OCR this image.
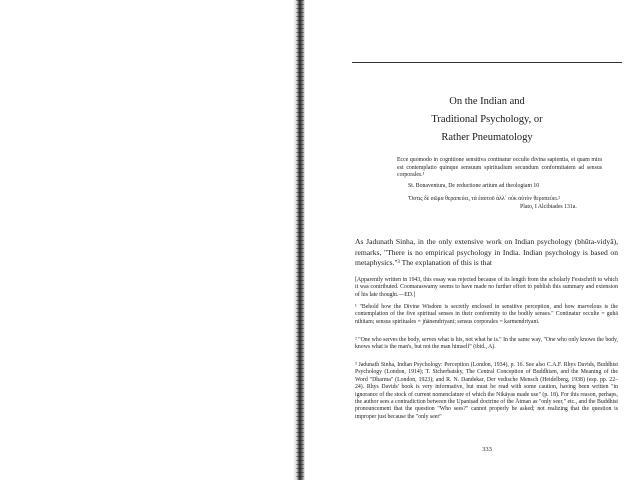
On the Indian and
Traditional Psychology, or
Rather Pneumatology
Ecce quomodo in cognitione sensitiva continatur occulte divina sapientia, et quam mira est contemplatio quinque sensuum spiritualium secundum conformitatem ad sensus corporales.¹
St. Bonaventura, De reductione artium ad theologiam 10
Ὅστις δὲ σῶμα θεραπεύει, τὰ ἑαυτοῦ ἀλλ᾽ οὐκ αὐτὸν θεραπεύει.²
Plato, I Alcibiades 131a.
As Jadunath Sinha, in the only extensive work on Indian psychology (bhūta-vidyā), remarks, "There is no empirical psychology in India. Indian psychology is based on metaphysics."³ The explanation of this is that
[Apparently written in 1943, this essay was rejected because of its length from the scholarly Festschrift to which it was contributed. Coomaraswamy seems to have made no further effort to publish this summary and extension of his late thought.—ED.]
¹ "Behold how the Divine Wisdom is secretly enclosed in sensitive perception, and how marvelous is the contemplation of the five spiritual senses in their conformity to the bodily senses." Continatur occulte = guhā nihitam; sensus spirituales = jñānendriyani; sensus corporales = karmendriyani.
² "One who serves the body, serves what is his, not what he is." In the same way, "One who only knows the body, knows what is the man's, but not the man himself" (ibid., A).
³ Jadunath Sinha, Indian Psychology: Perception (London, 1934), p. 16. See also C.A.F. Rhys Davids, Buddhist Psychology (London, 1914); T. Stcherbatsky, The Central Conception of Buddhism, and the Meaning of the Word "Dharma" (London, 1923); and R. N. Dandekar, Der vedische Mensch (Heidelberg, 1938) (esp. pp. 22–24). Rhys Davids' book is very informative, but must be read with some caution, having been written "in ignorance of the stock of current nomenclature of which the Nikāyas made use" (p. 18). For this reason, perhaps, the author sees a contradiction between the Upaniṣad doctrine of the Ātman as "only seer," etc., and the Buddhist pronouncement that the question "Who sees?" cannot properly be asked; not realizing that the question is improper just because the "only seer"
333
